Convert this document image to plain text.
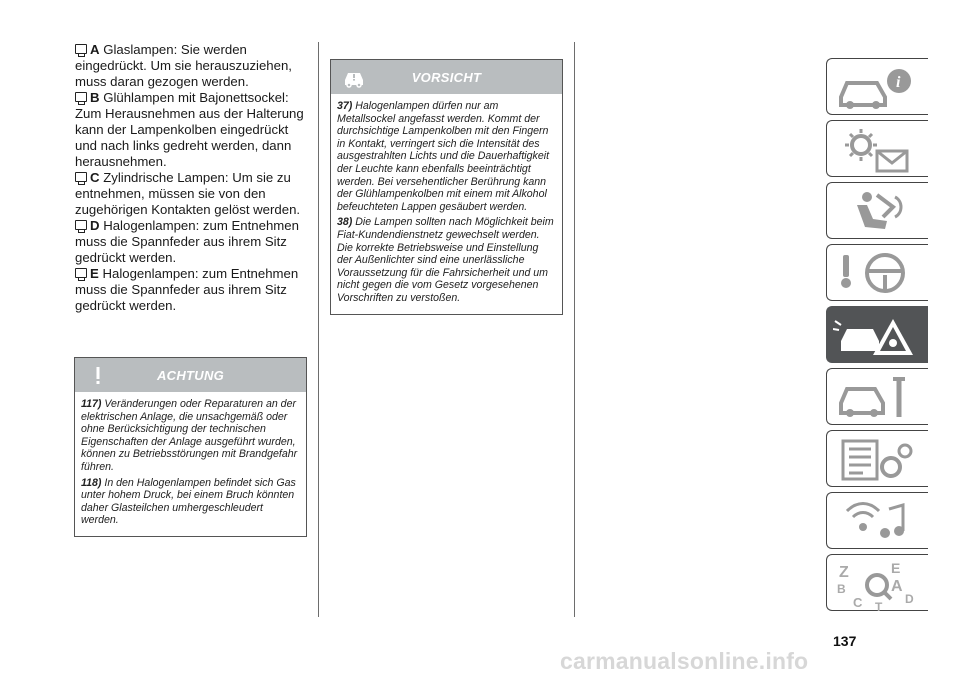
A Glaslampen: Sie werden eingedrückt. Um sie herauszuziehen, muss daran gezogen werden.

B Glühlampen mit Bajonettsockel: Zum Herausnehmen aus der Halterung kann der Lampenkolben eingedrückt und nach links gedreht werden, dann herausnehmen.

C Zylindrische Lampen: Um sie zu entnehmen, müssen sie von den zugehörigen Kontakten gelöst werden.

D Halogenlampen: zum Entnehmen muss die Spannfeder aus ihrem Sitz gedrückt werden.

E Halogenlampen: zum Entnehmen muss die Spannfeder aus ihrem Sitz gedrückt werden.

ACHTUNG

117) Veränderungen oder Reparaturen an der elektrischen Anlage, die unsachgemäß oder ohne Berücksichtigung der technischen Eigenschaften der Anlage ausgeführt wurden, können zu Betriebsstörungen mit Brandgefahr führen.

118) In den Halogenlampen befindet sich Gas unter hohem Druck, bei einem Bruch könnten daher Glasteilchen umhergeschleudert werden.

VORSICHT

37) Halogenlampen dürfen nur am Metallsockel angefasst werden. Kommt der durchsichtige Lampenkolben mit den Fingern in Kontakt, verringert sich die Intensität des ausgestrahlten Lichts und die Dauerhaftigkeit der Leuchte kann ebenfalls beeinträchtigt werden. Bei versehentlicher Berührung kann der Glühlampenkolben mit einem mit Alkohol befeuchteten Lappen gesäubert werden.

38) Die Lampen sollten nach Möglichkeit beim Fiat-Kundendienstnetz gewechselt werden. Die korrekte Betriebsweise und Einstellung der Außenlichter sind eine unerlässliche Voraussetzung für die Fahrsicherheit und um nicht gegen die vom Gesetz vorgesehenen Vorschriften zu verstoßen.

i
Z	E
B	A
C	D
T
137
carmanualsonline.info
